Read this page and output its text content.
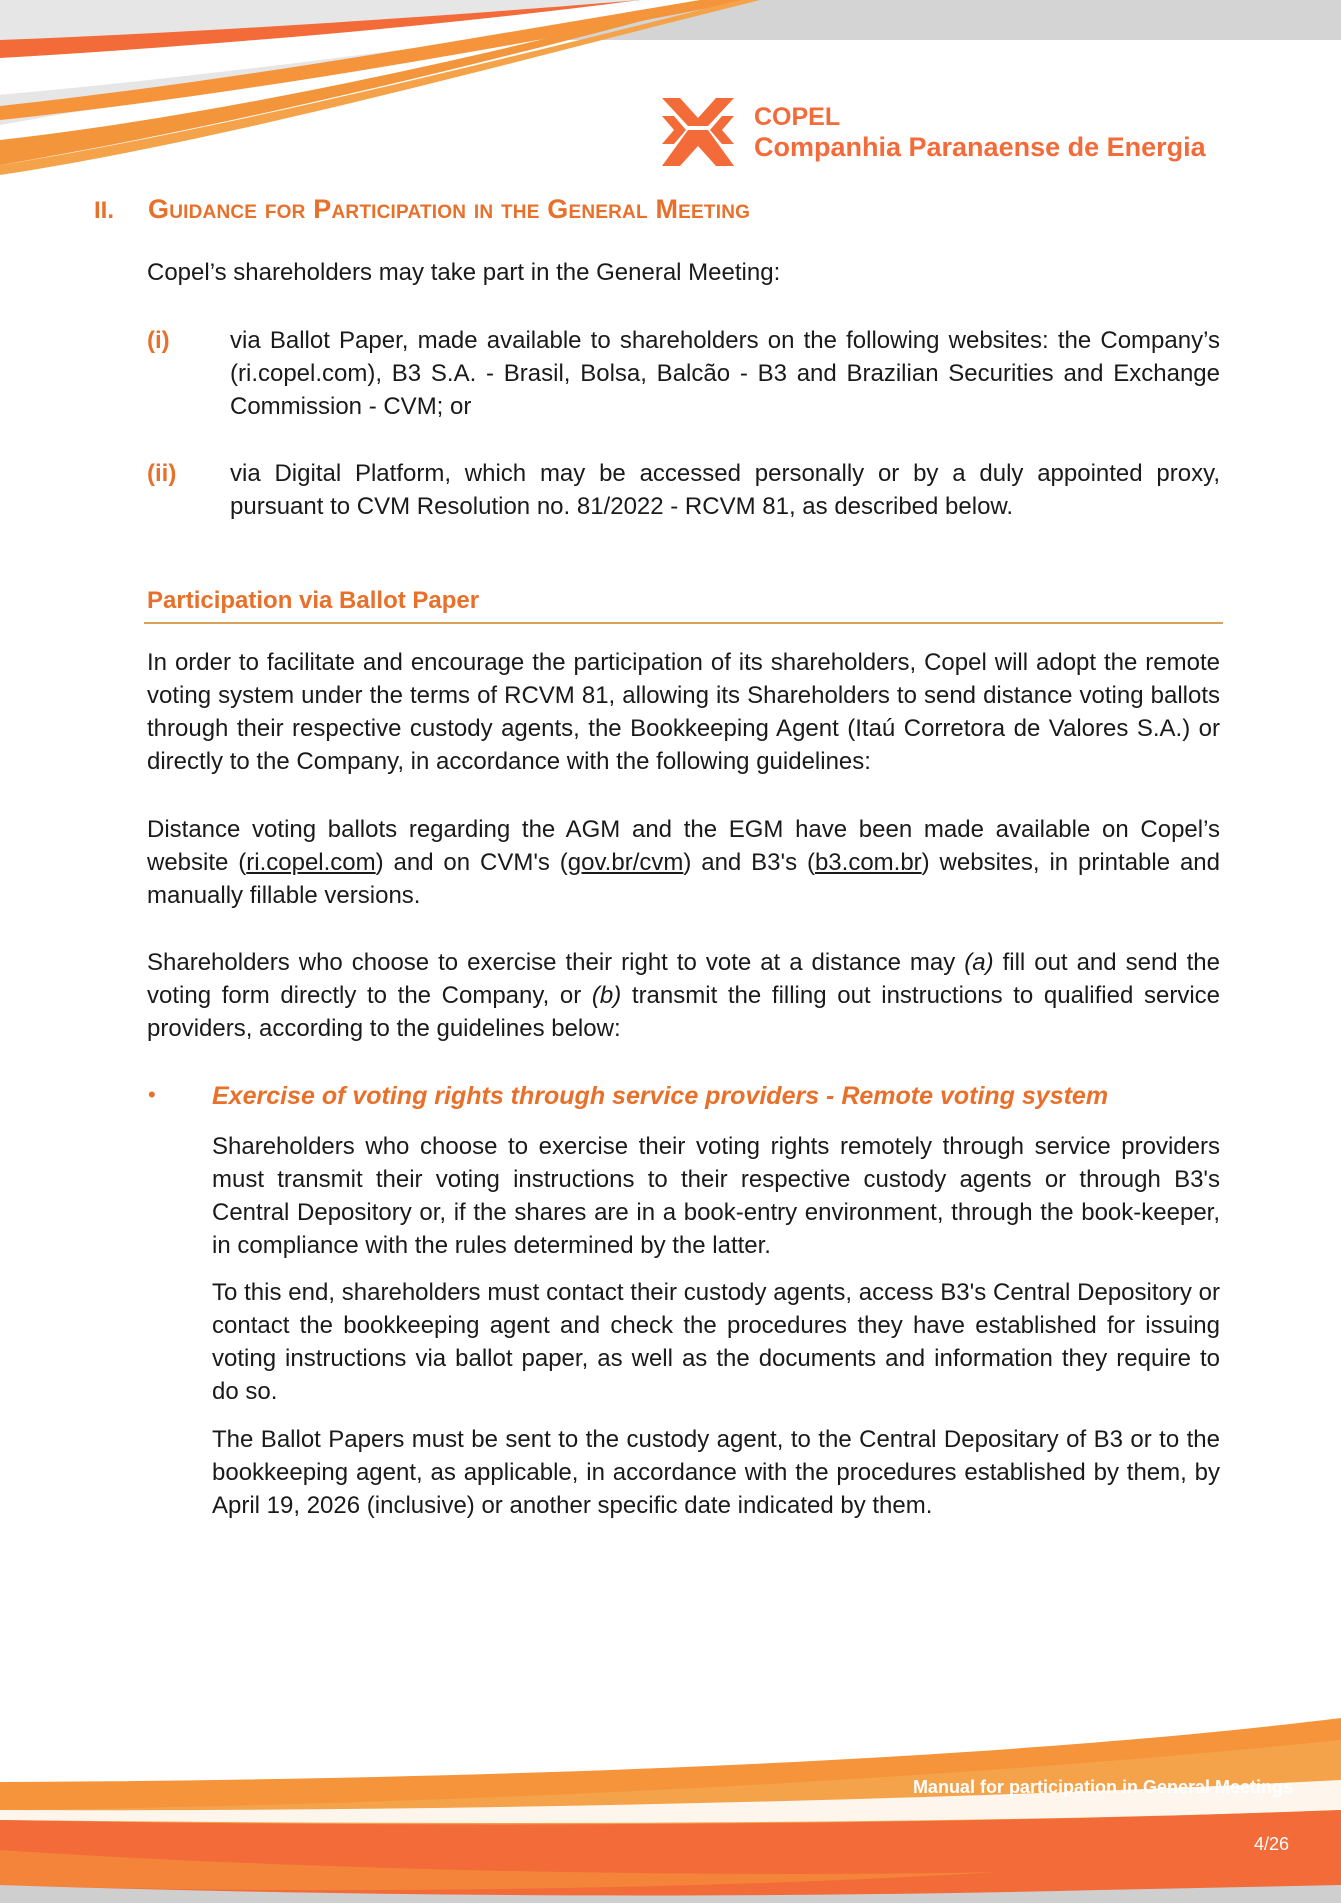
COPEL
Companhia Paranaense de Energia
II. Guidance for Participation in the General Meeting
Copel’s shareholders may take part in the General Meeting:
(i)	via Ballot Paper, made available to shareholders on the following websites: the Company’s (ri.copel.com), B3 S.A. - Brasil, Bolsa, Balcão - B3 and Brazilian Securities and Exchange Commission - CVM; or
(ii) via Digital Platform, which may be accessed personally or by a duly appointed proxy, pursuant to CVM Resolution no. 81/2022 - RCVM 81, as described below.
Participation via Ballot Paper
In order to facilitate and encourage the participation of its shareholders, Copel will adopt the remote voting system under the terms of RCVM 81, allowing its Shareholders to send distance voting ballots through their respective custody agents, the Bookkeeping Agent (Itaú Corretora de Valores S.A.) or directly to the Company, in accordance with the following guidelines:
Distance voting ballots regarding the AGM and the EGM have been made available on Copel’s website (ri.copel.com) and on CVM's (gov.br/cvm) and B3's (b3.com.br) websites, in printable and manually fillable versions.
Shareholders who choose to exercise their right to vote at a distance may (a) fill out and send the voting form directly to the Company, or (b) transmit the filling out instructions to qualified service providers, according to the guidelines below:
• Exercise of voting rights through service providers - Remote voting system
Shareholders who choose to exercise their voting rights remotely through service providers must transmit their voting instructions to their respective custody agents or through B3's Central Depository or, if the shares are in a book-entry environment, through the book-keeper, in compliance with the rules determined by the latter.
To this end, shareholders must contact their custody agents, access B3's Central Depository or contact the bookkeeping agent and check the procedures they have established for issuing voting instructions via ballot paper, as well as the documents and information they require to do so.
The Ballot Papers must be sent to the custody agent, to the Central Depositary of B3 or to the bookkeeping agent, as applicable, in accordance with the procedures established by them, by April 19, 2026 (inclusive) or another specific date indicated by them.
Manual for participation in General Meetings
4/26
